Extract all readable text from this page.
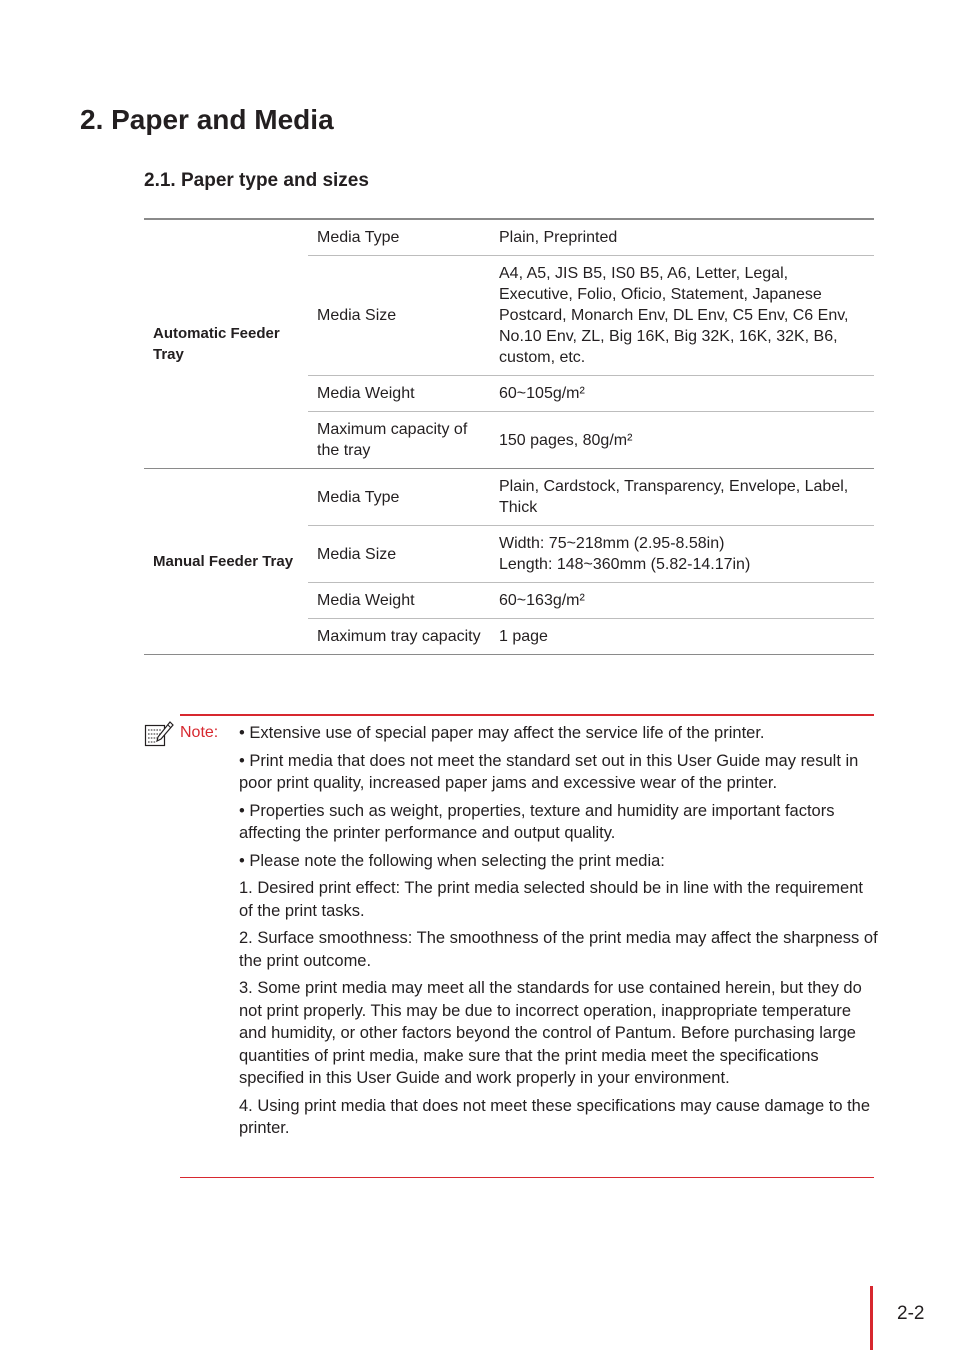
2. Paper and Media
2.1. Paper type and sizes
Automatic Feeder Tray	Media Type	Plain, Preprinted
	Media Size	A4, A5, JIS B5, IS0 B5, A6, Letter, Legal, Executive, Folio, Oficio, Statement, Japanese Postcard, Monarch Env, DL Env, C5 Env, C6 Env, No.10 Env, ZL, Big 16K, Big 32K, 16K, 32K, B6, custom, etc.
	Media Weight	60~105g/m²
	Maximum capacity of the tray	150 pages, 80g/m²
Manual Feeder Tray	Media Type	Plain, Cardstock, Transparency, Envelope, Label, Thick
	Media Size	Width: 75~218mm (2.95-8.58in)
Length: 148~360mm (5.82-14.17in)

	Media Weight	60~163g/m²
	Maximum tray capacity	1 page
Note: • Extensive use of special paper may affect the service life of the printer.

• Print media that does not meet the standard set out in this User Guide may result in poor print quality, increased paper jams and excessive wear of the printer.

• Properties such as weight, properties, texture and humidity are important factors affecting the printer performance and output quality.

• Please note the following when selecting the print media:

1. Desired print effect: The print media selected should be in line with the requirement of the print tasks.

2. Surface smoothness: The smoothness of the print media may affect the sharpness of the print outcome.

3. Some print media may meet all the standards for use contained herein, but they do not print properly. This may be due to incorrect operation, inappropriate temperature and humidity, or other factors beyond the control of Pantum. Before purchasing large quantities of print media, make sure that the print media meet the specifications specified in this User Guide and work properly in your environment.

4. Using print media that does not meet these specifications may cause damage to the printer.

2-2
